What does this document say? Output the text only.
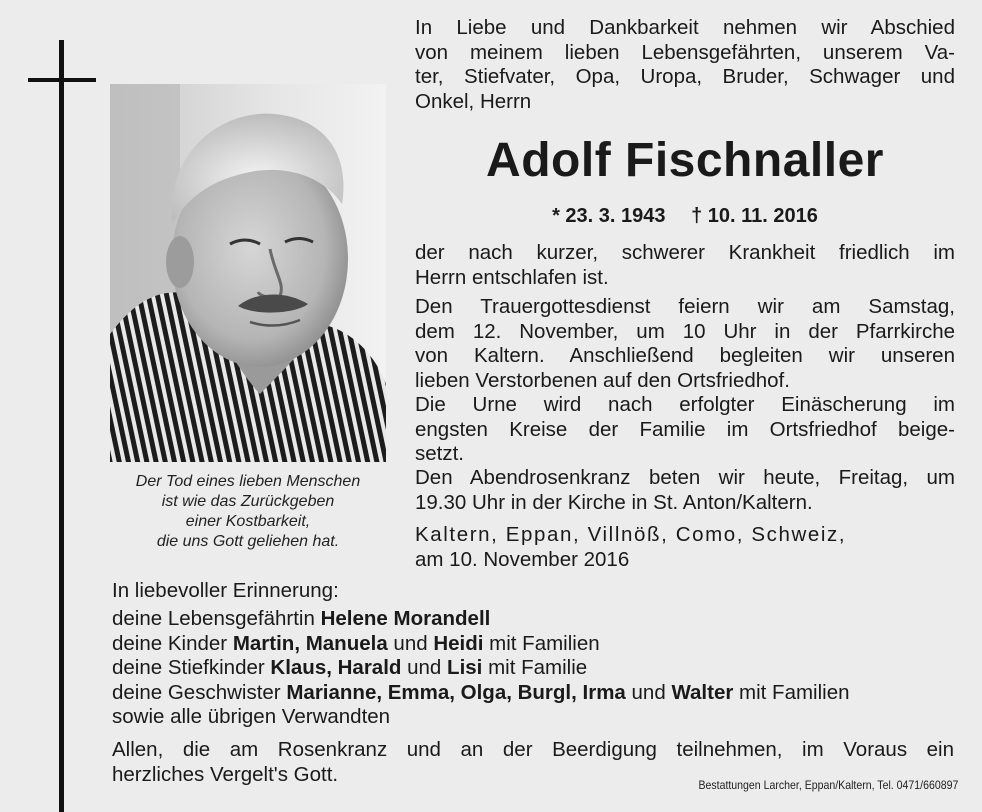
Der Tod eines lieben Menschen
ist wie das Zurückgeben
einer Kostbarkeit,
die uns Gott geliehen hat.
In Liebe und Dankbarkeit nehmen wir Abschied
von meinem lieben Lebensgefährten, unserem Va-
ter, Stiefvater, Opa, Uropa, Bruder, Schwager und
Onkel, Herrn
Adolf Fischnaller
* 23. 3. 1943 † 10. 11. 2016
der nach kurzer, schwerer Krankheit friedlich im
Herrn entschlafen ist.
Den Trauergottesdienst feiern wir am Samstag,
dem 12. November, um 10 Uhr in der Pfarrkirche
von Kaltern. Anschließend begleiten wir unseren
lieben Verstorbenen auf den Ortsfriedhof.
Die Urne wird nach erfolgter Einäscherung im
engsten Kreise der Familie im Ortsfriedhof beige-
setzt.
Den Abendrosenkranz beten wir heute, Freitag, um
19.30 Uhr in der Kirche in St. Anton/Kaltern.
Kaltern, Eppan, Villnöß, Como, Schweiz,
am 10. November 2016
In liebevoller Erinnerung:
deine Lebensgefährtin Helene Morandell
deine Kinder Martin, Manuela und Heidi mit Familien
deine Stiefkinder Klaus, Harald und Lisi mit Familie
deine Geschwister Marianne, Emma, Olga, Burgl, Irma und Walter mit Familien
sowie alle übrigen Verwandten
Allen, die am Rosenkranz und an der Beerdigung teilnehmen, im Voraus ein
herzliches Vergelt's Gott.	Bestattungen Larcher, Eppan/Kaltern, Tel. 0471/660897
